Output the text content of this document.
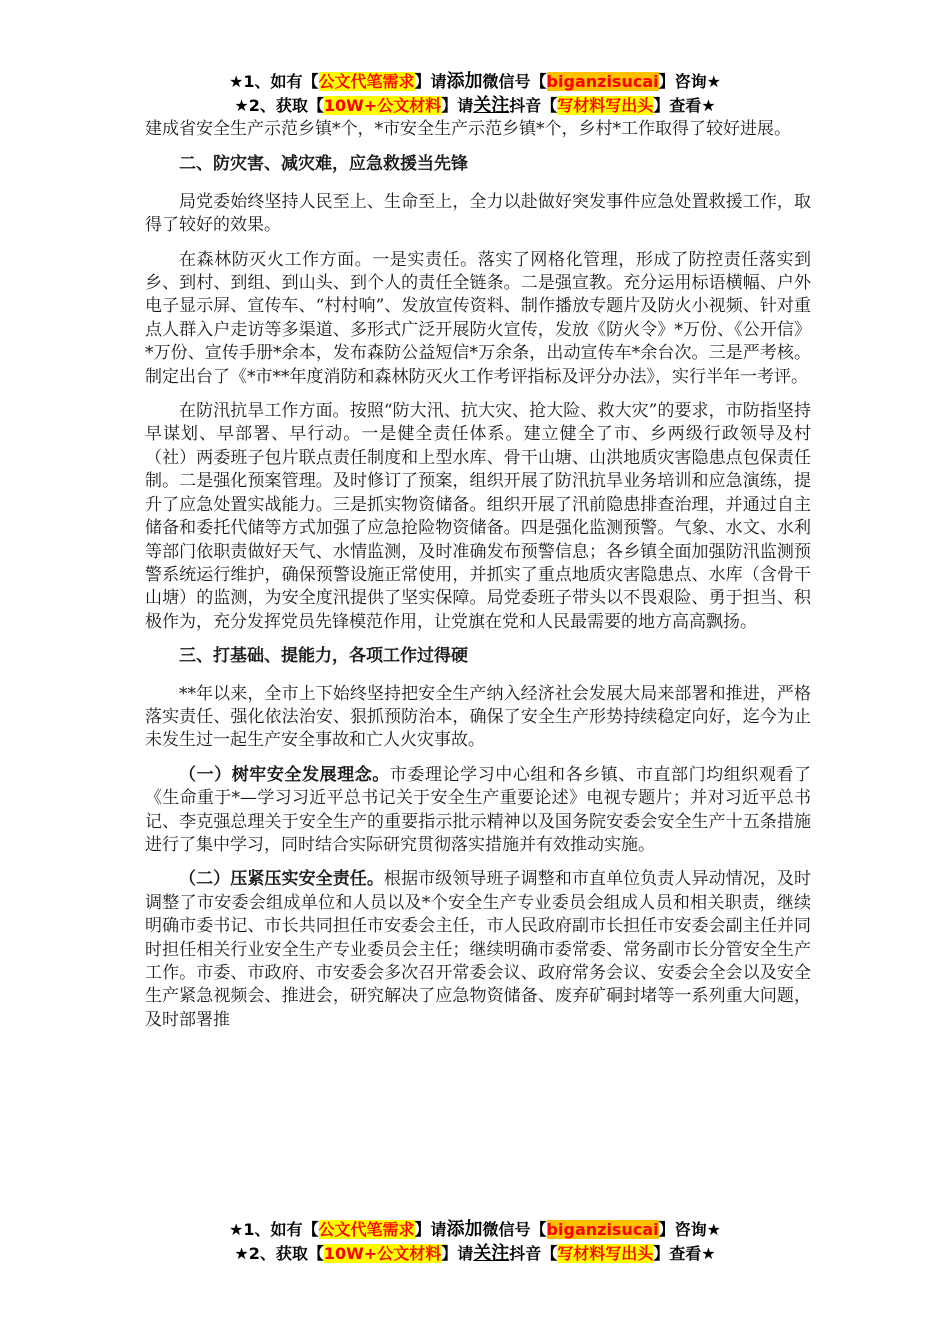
★1、如有【公文代笔需求】请添加微信号【biganzisucai】咨询★
★2、获取【10W+公文材料】请关注抖音【写材料写出头】查看★

建成省安全生产示范乡镇*个，*市安全生产示范乡镇*个，乡村*工作取得了较好进展。

二、防灾害、减灾难，应急救援当先锋

局党委始终坚持人民至上、生命至上，全力以赴做好突发事件应急处置救援工作，取得了较好的效果。

在森林防灭火工作方面。一是实责任。落实了网格化管理，形成了防控责任落实到乡、到村、到组、到山头、到个人的责任全链条。二是强宣教。充分运用标语横幅、户外电子显示屏、宣传车、“村村响”、发放宣传资料、制作播放专题片及防火小视频、针对重点人群入户走访等多渠道、多形式广泛开展防火宣传，发放《防火令》*万份、《公开信》*万份、宣传手册*余本，发布森防公益短信*万余条，出动宣传车*余台次。三是严考核。制定出台了《*市**年度消防和森林防灭火工作考评指标及评分办法》，实行半年一考评。

在防汛抗旱工作方面。按照“防大汛、抗大灾、抢大险、救大灾”的要求，市防指坚持早谋划、早部署、早行动。一是健全责任体系。建立健全了市、乡两级行政领导及村（社）两委班子包片联点责任制度和上型水库、骨干山塘、山洪地质灾害隐患点包保责任制。二是强化预案管理。及时修订了预案，组织开展了防汛抗旱业务培训和应急演练，提升了应急处置实战能力。三是抓实物资储备。组织开展了汛前隐患排查治理，并通过自主储备和委托代储等方式加强了应急抢险物资储备。四是强化监测预警。气象、水文、水利等部门依职责做好天气、水情监测，及时准确发布预警信息；各乡镇全面加强防汛监测预警系统运行维护，确保预警设施正常使用，并抓实了重点地质灾害隐患点、水库（含骨干山塘）的监测，为安全度汛提供了坚实保障。局党委班子带头以不畏艰险、勇于担当、积极作为，充分发挥党员先锋模范作用，让党旗在党和人民最需要的地方高高飘扬。

三、打基础、提能力，各项工作过得硬

**年以来，全市上下始终坚持把安全生产纳入经济社会发展大局来部署和推进，严格落实责任、强化依法治安、狠抓预防治本，确保了安全生产形势持续稳定向好，迄今为止未发生过一起生产安全事故和亡人火灾事故。

（一）树牢安全发展理念。市委理论学习中心组和各乡镇、市直部门均组织观看了《生命重于*—学习习近平总书记关于安全生产重要论述》电视专题片；并对习近平总书记、李克强总理关于安全生产的重要指示批示精神以及国务院安委会安全生产十五条措施进行了集中学习，同时结合实际研究贯彻落实措施并有效推动实施。

（二）压紧压实安全责任。根据市级领导班子调整和市直单位负责人异动情况，及时调整了市安委会组成单位和人员以及*个安全生产专业委员会组成人员和相关职责，继续明确市委书记、市长共同担任市安委会主任，市人民政府副市长担任市安委会副主任并同时担任相关行业安全生产专业委员会主任；继续明确市委常委、常务副市长分管安全生产工作。市委、市政府、市安委会多次召开常委会议、政府常务会议、安委会全会以及安全生产紧急视频会、推进会，研究解决了应急物资储备、废弃矿硐封堵等一系列重大问题，及时部署推

★1、如有【公文代笔需求】请添加微信号【biganzisucai】咨询★
★2、获取【10W+公文材料】请关注抖音【写材料写出头】查看★
